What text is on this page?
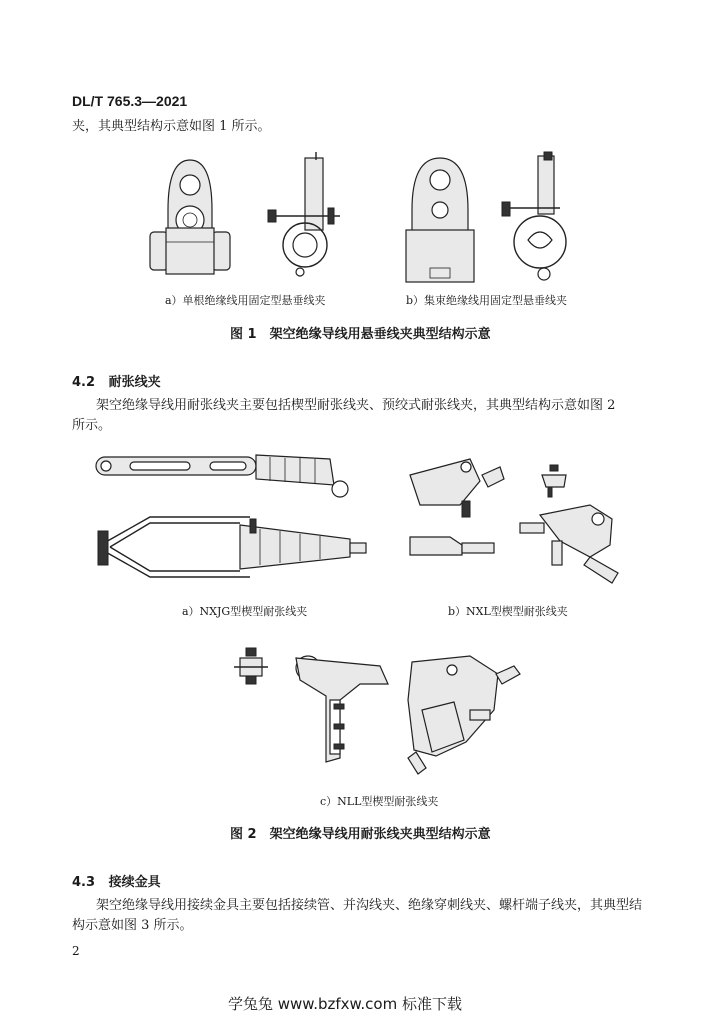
DL/T 765.3—2021
夹，其典型结构示意如图 1 所示。
a）单根绝缘线用固定型悬垂线夹	b）集束绝缘线用固定型悬垂线夹
图 1　架空绝缘导线用悬垂线夹典型结构示意
4.2 耐张线夹
架空绝缘导线用耐张线夹主要包括楔型耐张线夹、预绞式耐张线夹，其典型结构示意如图 2
所示。
a）NXJG型楔型耐张线夹	b）NXL型楔型耐张线夹
c）NLL型楔型耐张线夹
图 2　架空绝缘导线用耐张线夹典型结构示意
4.3 接续金具
架空绝缘导线用接续金具主要包括接续管、并沟线夹、绝缘穿刺线夹、螺杆端子线夹，其典型结
构示意如图 3 所示。
2
学兔兔 www.bzfxw.com 标准下载
